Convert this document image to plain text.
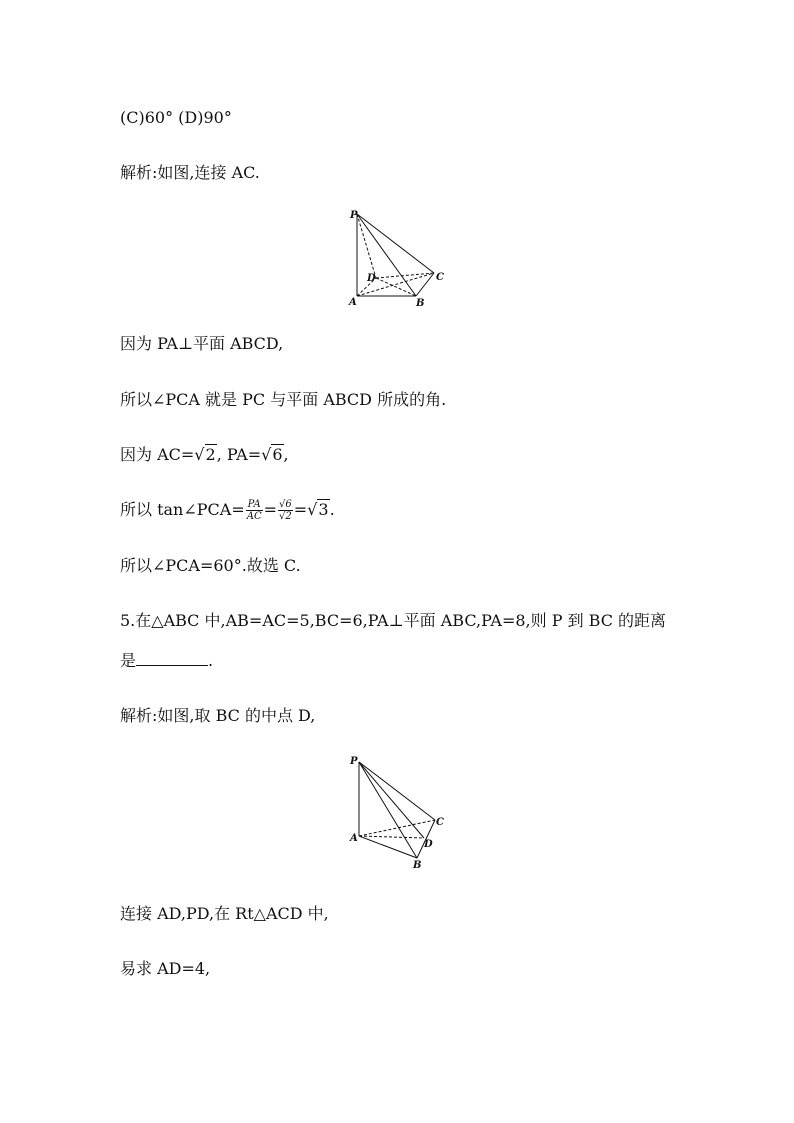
(C)60° (D)90°
解析:如图,连接 AC.
P
D	C
A	B
因为 PA⊥平面 ABCD,
所以∠PCA 就是 PC 与平面 ABCD 所成的角.
因为 AC=√2, PA=√6,
所以 tan∠PCA= $\frac{PA}{AC} = \frac{√6}{√2} =√3$.
所以∠PCA=60°.故选 C.
5.在△ABC 中,AB=AC=5,BC=6,PA⊥平面 ABC,PA=8,则 P 到 BC 的距离
是	.
解析:如图,取 BC 的中点 D,
P
C
A
D
B
连接 AD,PD,在 Rt△ACD 中,
易求 AD=4,
